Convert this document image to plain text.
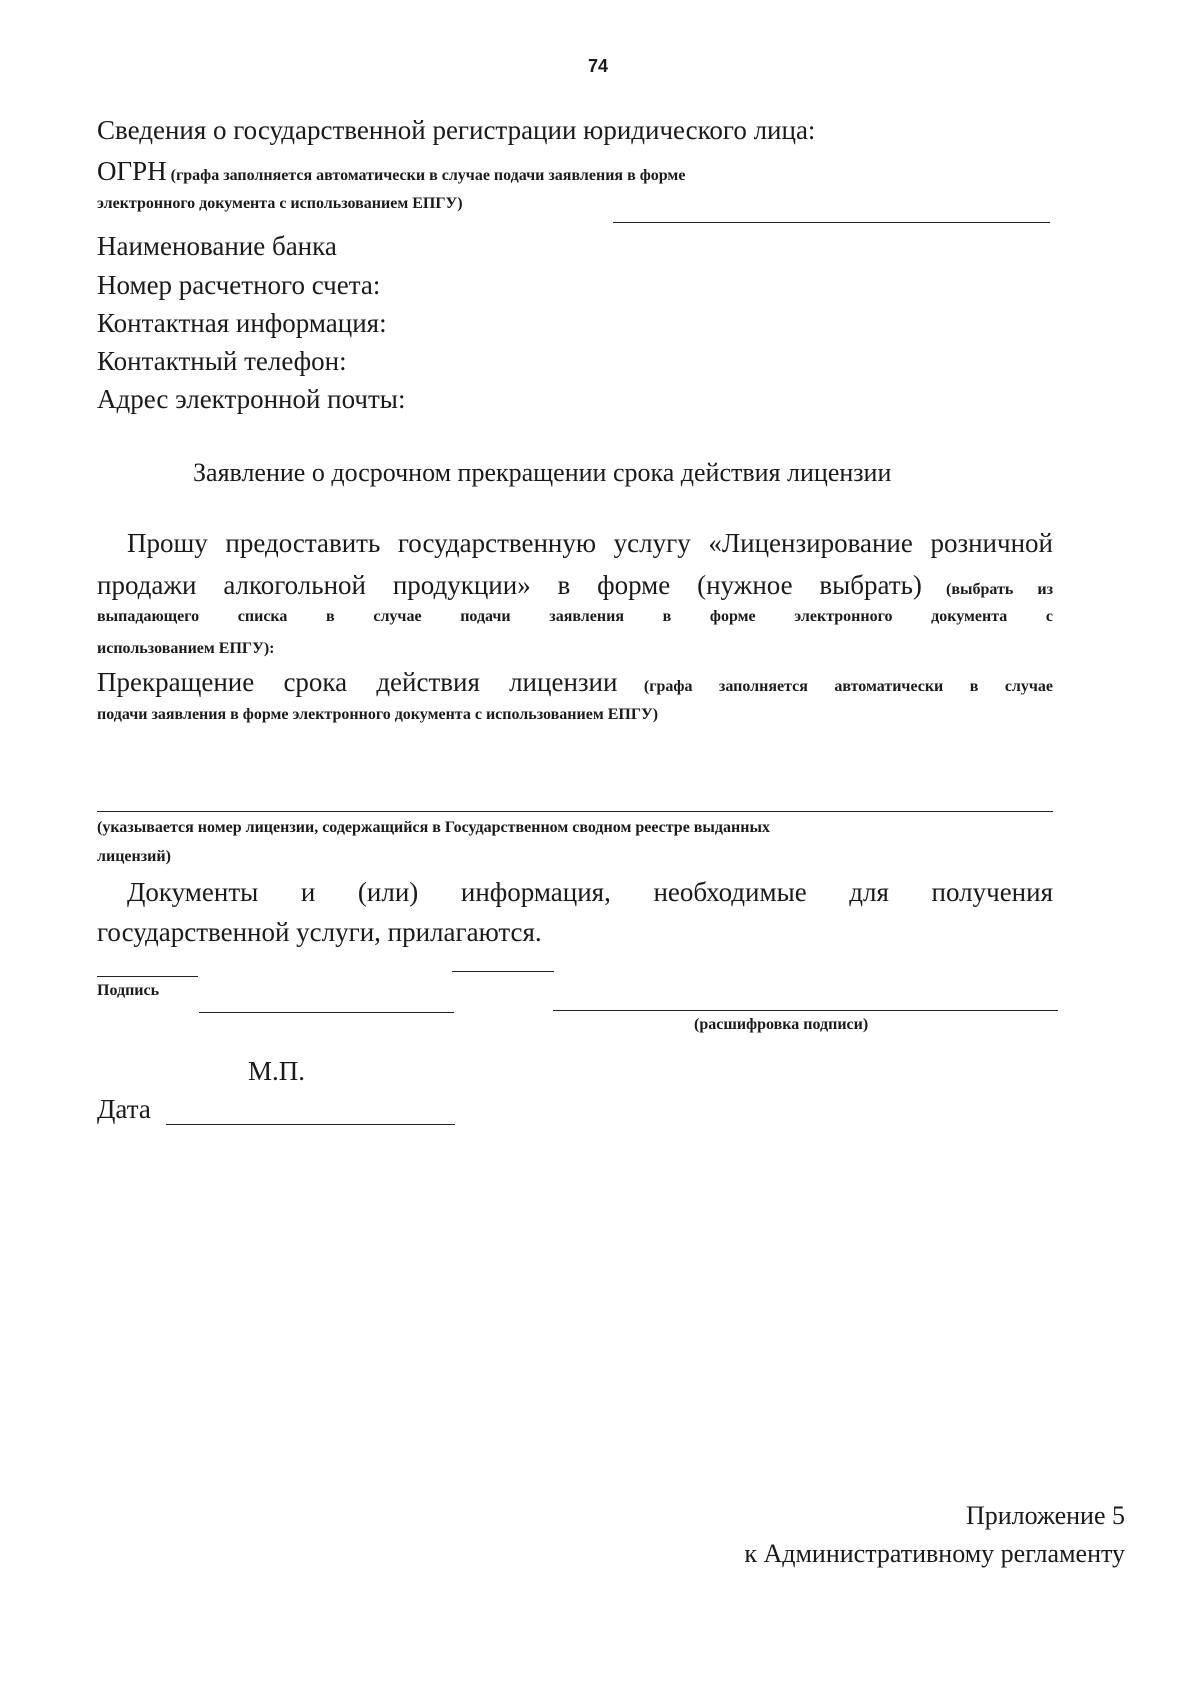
74
Сведения о государственной регистрации юридического лица:
ОГРН (графа заполняется автоматически в случае подачи заявления в форме
электронного документа с использованием ЕПГУ)
Наименование банка
Номер расчетного счета:
Контактная информация:
Контактный телефон:
Адрес электронной почты:
Заявление о досрочном прекращении срока действия лицензии
Прошу предоставить государственную услугу «Лицензирование розничной
продажи алкогольной продукции» в форме (нужное выбрать) (выбрать из
выпадающего списка в случае подачи заявления в форме электронного документа с
использованием ЕПГУ):
Прекращение срока действия лицензии (графа заполняется автоматически в случае
подачи заявления в форме электронного документа с использованием ЕПГУ)
(указывается номер лицензии, содержащийся в Государственном сводном реестре выданных
лицензий)
Документы и (или) информация, необходимые для получения
государственной услуги, прилагаются.
Подпись
(расшифровка подписи)
М.П.
Дата
Приложение 5
к Административному регламенту
